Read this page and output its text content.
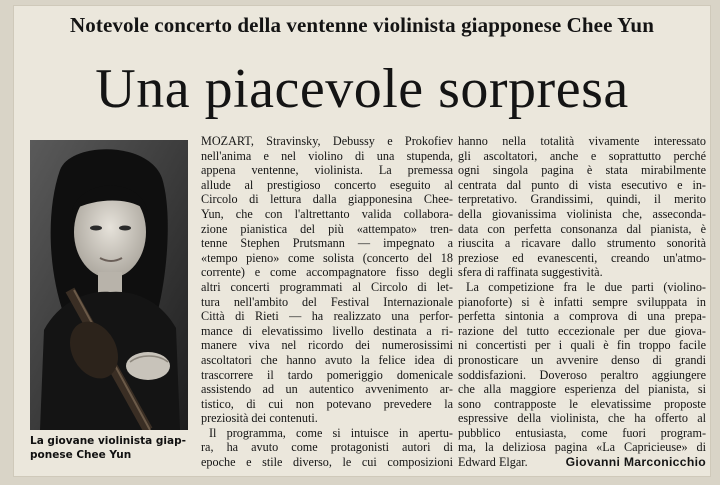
Notevole concerto della ventenne violinista giapponese Chee Yun
Una piacevole sorpresa
La giovane violinista giap-
ponese Chee Yun
MOZART, Stravinsky, Debussy e Prokofiev
nell'anima e nel violino di una stupenda,
appena ventenne, violinista. La premessa
allude al prestigioso concerto eseguito al
Circolo di lettura dalla giapponesina Chee-
Yun, che con l'altrettanto valida collabora-
zione pianistica del più «attempato» tren-
tenne Stephen Prutsmann — impegnato a
«tempo pieno» come solista (concerto del 18
corrente) e come accompagnatore fisso degli
altri concerti programmati al Circolo di let-
tura nell'ambito del Festival Internazionale
Città di Rieti — ha realizzato una perfor-
mance di elevatissimo livello destinata a ri-
manere viva nel ricordo dei numerosissimi
ascoltatori che hanno avuto la felice idea di
trascorrere il tardo pomeriggio domenicale
assistendo ad un autentico avvenimento ar-
tistico, di cui non potevano prevedere la
preziosità dei contenuti.
Il programma, come si intuisce in apertu-
ra, ha avuto come protagonisti autori di
epoche e stile diverso, le cui composizioni
hanno nella totalità vivamente interessato
gli ascoltatori, anche e soprattutto perché
ogni singola pagina è stata mirabilmente
centrata dal punto di vista esecutivo e in-
terpretativo. Grandissimi, quindi, il merito
della giovanissima violinista che, asseconda-
data con perfetta consonanza dal pianista, è
riuscita a ricavare dallo strumento sonorità
preziose ed evanescenti, creando un'atmo-
sfera di raffinata suggestività.
La competizione fra le due parti (violino-
pianoforte) si è infatti sempre sviluppata in
perfetta sintonia a comprova di una prepa-
razione del tutto eccezionale per due giova-
ni concertisti per i quali è fin troppo facile
pronosticare un avvenire denso di grandi
soddisfazioni. Doveroso peraltro aggiungere
che alla maggiore esperienza del pianista, si
sono contrapposte le elevatissime proposte
espressive della violinista, che ha offerto al
pubblico entusiasta, come fuori program-
ma, la deliziosa pagina «La Capricieuse» di
Edward Elgar.	Giovanni Marconicchio
